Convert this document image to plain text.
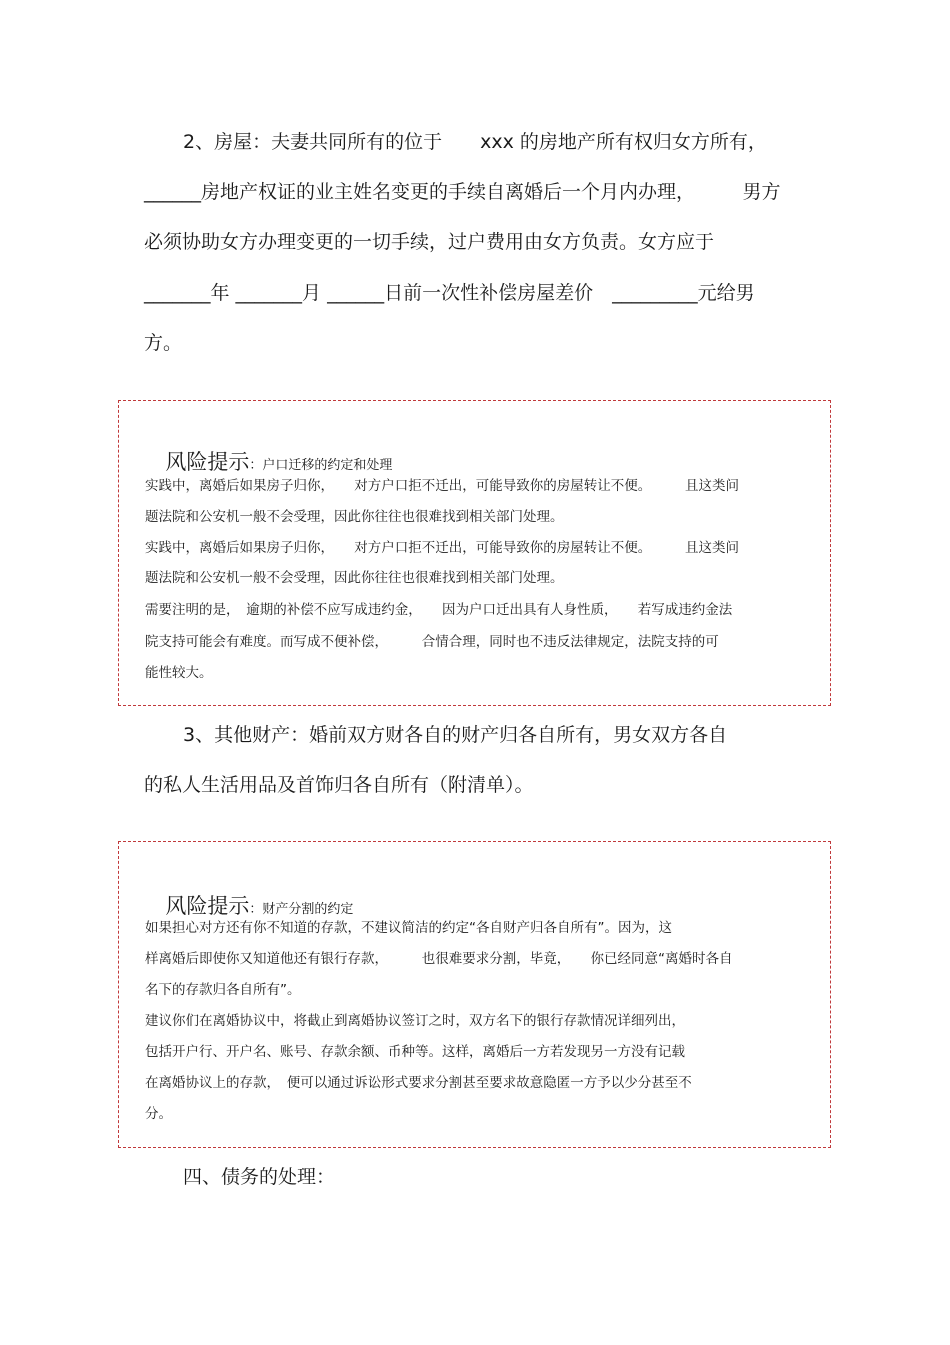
2、房屋：夫妻共同所有的位于　　xxx 的房地产所有权归女方所有，
______房地产权证的业主姓名变更的手续自离婚后一个月内办理，　　　男方
必须协助女方办理变更的一切手续，过户费用由女方负责。女方应于
_______年 _______月 ______日前一次性补偿房屋差价　_________元给男
方。

风险提示：户口迁移的约定和处理

实践中，离婚后如果房子归你，　　对方户口拒不迁出，可能导致你的房屋转让不便。　　　且这类问
题法院和公安机一般不会受理，因此你往往也很难找到相关部门处理。
实践中，离婚后如果房子归你，　　对方户口拒不迁出，可能导致你的房屋转让不便。　　　且这类问
题法院和公安机一般不会受理，因此你往往也很难找到相关部门处理。
需要注明的是，　逾期的补偿不应写成违约金，　　因为户口迁出具有人身性质，　　若写成违约金法
院支持可能会有难度。而写成不便补偿，　　　合情合理，同时也不违反法律规定，法院支持的可
能性较大。
3、其他财产：婚前双方财各自的财产归各自所有，男女双方各自
的私人生活用品及首饰归各自所有（附清单）。

风险提示：财产分割的约定

如果担心对方还有你不知道的存款，不建议简洁的约定“各自财产归各自所有”。因为，这
样离婚后即使你又知道他还有银行存款，　　　也很难要求分割，毕竟，　　你已经同意“离婚时各自
名下的存款归各自所有”。
建议你们在离婚协议中，将截止到离婚协议签订之时，双方名下的银行存款情况详细列出，
包括开户行、开户名、账号、存款余额、币种等。这样，离婚后一方若发现另一方没有记载
在离婚协议上的存款，　便可以通过诉讼形式要求分割甚至要求故意隐匿一方予以少分甚至不
分。
四、债务的处理：
